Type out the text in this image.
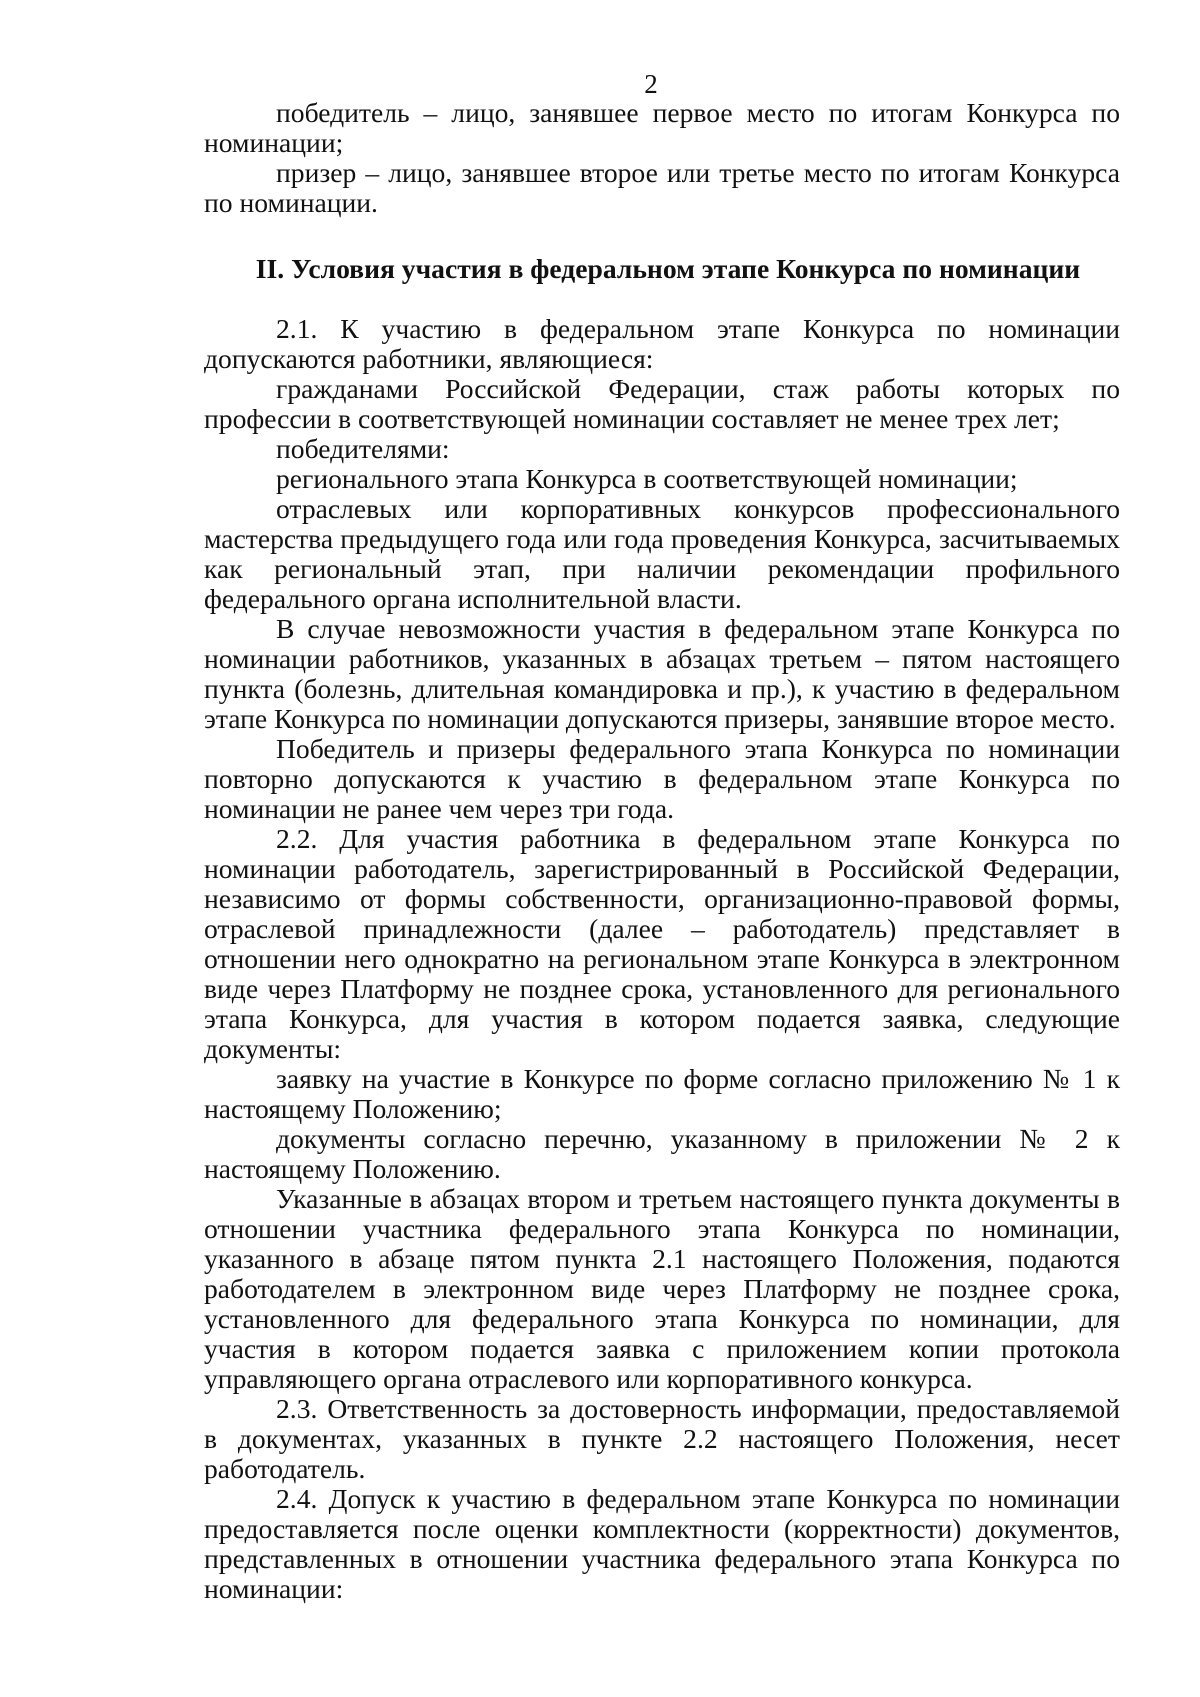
2

победитель – лицо, занявшее первое место по итогам Конкурса по номинации;

призер – лицо, занявшее второе или третье место по итогам Конкурса по номинации.

II. Условия участия в федеральном этапе Конкурса по номинации

2.1. К участию в федеральном этапе Конкурса по номинации допускаются работники, являющиеся:

гражданами Российской Федерации, стаж работы которых по профессии в соответствующей номинации составляет не менее трех лет;

победителями:

регионального этапа Конкурса в соответствующей номинации;

отраслевых или корпоративных конкурсов профессионального мастерства предыдущего года или года проведения Конкурса, засчитываемых как региональный этап, при наличии рекомендации профильного федерального органа исполнительной власти.

В случае невозможности участия в федеральном этапе Конкурса по номинации работников, указанных в абзацах третьем – пятом настоящего пункта (болезнь, длительная командировка и пр.), к участию в федеральном этапе Конкурса по номинации допускаются призеры, занявшие второе место.

Победитель и призеры федерального этапа Конкурса по номинации повторно допускаются к участию в федеральном этапе Конкурса по номинации не ранее чем через три года.

2.2. Для участия работника в федеральном этапе Конкурса по номинации работодатель, зарегистрированный в Российской Федерации, независимо от формы собственности, организационно-правовой формы, отраслевой принадлежности (далее – работодатель) представляет в отношении него однократно на региональном этапе Конкурса в электронном виде через Платформу не позднее срока, установленного для регионального этапа Конкурса, для участия в котором подается заявка, следующие документы:

заявку на участие в Конкурсе по форме согласно приложению № 1 к настоящему Положению;

документы согласно перечню, указанному в приложении № 2 к настоящему Положению.

Указанные в абзацах втором и третьем настоящего пункта документы в отношении участника федерального этапа Конкурса по номинации, указанного в абзаце пятом пункта 2.1 настоящего Положения, подаются работодателем в электронном виде через Платформу не позднее срока, установленного для федерального этапа Конкурса по номинации, для участия в котором подается заявка с приложением копии протокола управляющего органа отраслевого или корпоративного конкурса.

2.3. Ответственность за достоверность информации, предоставляемой в документах, указанных в пункте 2.2 настоящего Положения, несет работодатель.

2.4. Допуск к участию в федеральном этапе Конкурса по номинации предоставляется после оценки комплектности (корректности) документов, представленных в отношении участника федерального этапа Конкурса по номинации:
